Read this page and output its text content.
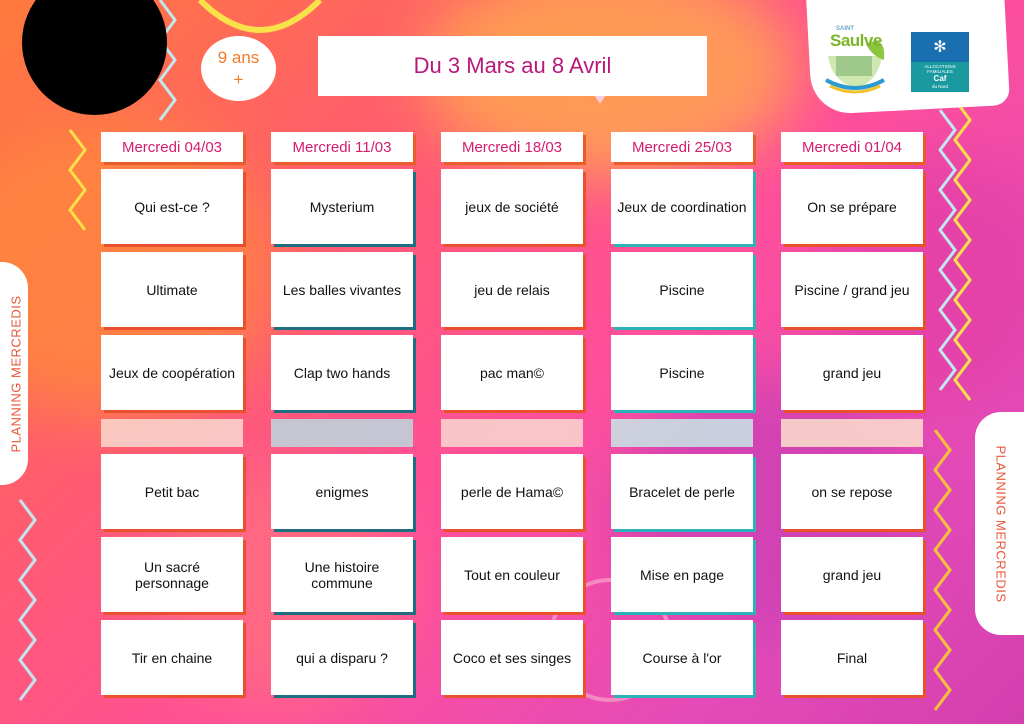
9 ans
+
Du 3 Mars au 8 Avril
SAINT
Saulve	✻
ALLOCATIONS FAMILIALES
Caf
du Nord
PLANNING MERCREDIS
PLANNING MERCREDIS
Mercredi 04/03
Qui est-ce ?
Ultimate
Jeux de coopération
Petit bac
Un sacré personnage
Tir en chaine
Mercredi 11/03
Mysterium
Les balles vivantes
Clap two hands
enigmes
Une histoire commune
qui a disparu ?
Mercredi 18/03
jeux de société
jeu de relais
pac man©
perle de Hama©
Tout en couleur
Coco et ses singes
Mercredi 25/03
Jeux de coordination
Piscine
Piscine
Bracelet de perle
Mise en page
Course à l'or
Mercredi 01/04
On se prépare
Piscine / grand jeu
grand jeu
on se repose
grand jeu
Final
